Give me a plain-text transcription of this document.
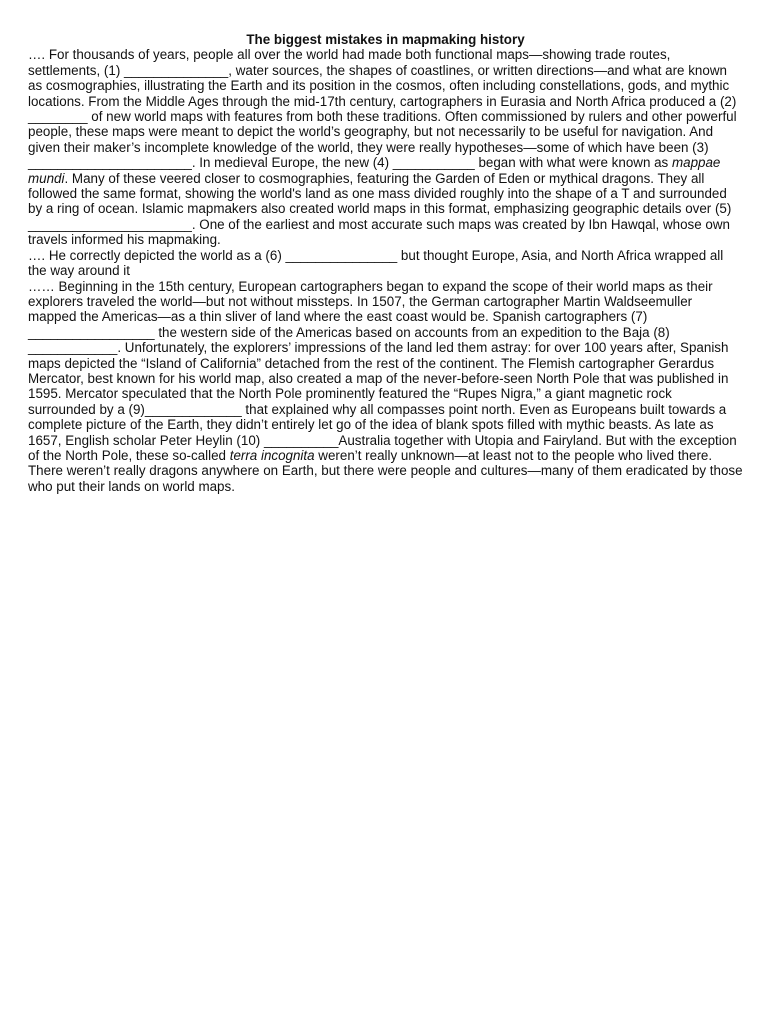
The biggest mistakes in mapmaking history

…. For thousands of years, people all over the world had made both functional maps—showing trade routes, settlements, (1) ______________, water sources, the shapes of coastlines, or written directions—and what are known as cosmographies, illustrating the Earth and its position in the cosmos, often including constellations, gods, and mythic locations. From the Middle Ages through the mid-17th century, cartographers in Eurasia and North Africa produced a (2) ________ of new world maps with features from both these traditions. Often commissioned by rulers and other powerful people, these maps were meant to depict the world’s geography, but not necessarily to be useful for navigation. And given their maker’s incomplete knowledge of the world, they were really hypotheses—some of which have been (3) ______________________. In medieval Europe, the new (4) ___________ began with what were known as mappae mundi. Many of these veered closer to cosmographies, featuring the Garden of Eden or mythical dragons. They all followed the same format, showing the world's land as one mass divided roughly into the shape of a T and surrounded by a ring of ocean. Islamic mapmakers also created world maps in this format, emphasizing geographic details over (5) ______________________. One of the earliest and most accurate such maps was created by Ibn Hawqal, whose own travels informed his mapmaking.

…. He correctly depicted the world as a (6) _______________ but thought Europe, Asia, and North Africa wrapped all the way around it

…… Beginning in the 15th century, European cartographers began to expand the scope of their world maps as their explorers traveled the world—but not without missteps. In 1507, the German cartographer Martin Waldseemuller mapped the Americas—as a thin sliver of land where the east coast would be. Spanish cartographers (7) _________________ the western side of the Americas based on accounts from an expedition to the Baja (8) ____________. Unfortunately, the explorers’ impressions of the land led them astray: for over 100 years after, Spanish maps depicted the “Island of California” detached from the rest of the continent. The Flemish cartographer Gerardus Mercator, best known for his world map, also created a map of the never-before-seen North Pole that was published in 1595. Mercator speculated that the North Pole prominently featured the “Rupes Nigra,” a giant magnetic rock surrounded by a (9)_____________ that explained why all compasses point north. Even as Europeans built towards a complete picture of the Earth, they didn’t entirely let go of the idea of blank spots filled with mythic beasts. As late as 1657, English scholar Peter Heylin (10) __________Australia together with Utopia and Fairyland. But with the exception of the North Pole, these so-called terra incognita weren’t really unknown—at least not to the people who lived there. There weren’t really dragons anywhere on Earth, but there were people and cultures—many of them eradicated by those who put their lands on world maps.
